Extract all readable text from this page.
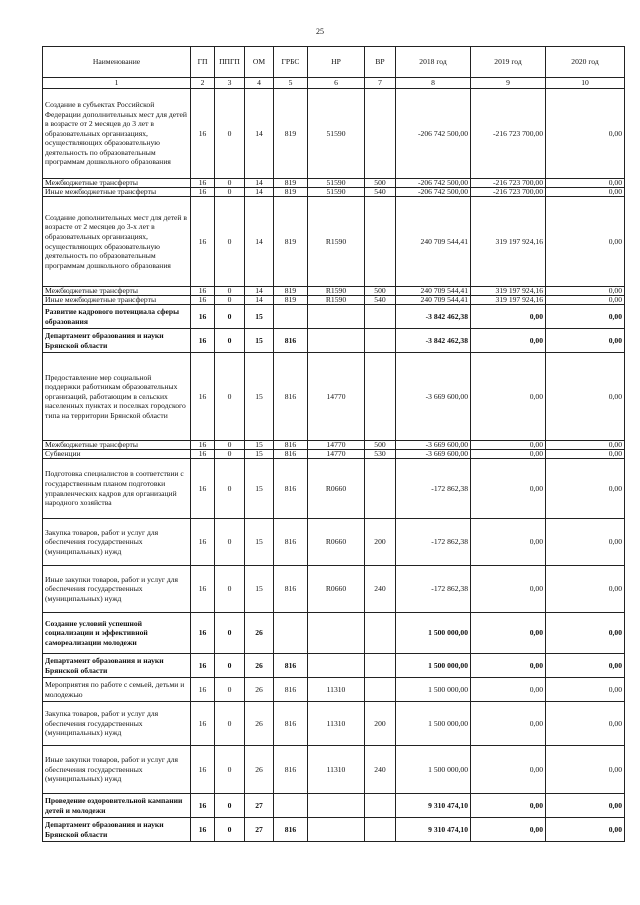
25
Наименование	ГП	ППГП	ОМ	ГРБС	НР	ВР	2018 год	2019 год	2020 год
1	2	3	4	5	6	7	8	9	10
Создание в субъектах Российской Федерации дополнительных мест для детей в возрасте от 2 месяцев до 3 лет в образовательных организациях, осуществляющих образовательную деятельность по образовательным программам дошкольного образования	16	0	14	819	51590		-206 742 500,00	-216 723 700,00	0,00
Межбюджетные трансферты	16	0	14	819	51590	500	-206 742 500,00	-216 723 700,00	0,00
Иные межбюджетные трансферты	16	0	14	819	51590	540	-206 742 500,00	-216 723 700,00	0,00
Создание дополнительных мест для детей в возрасте от 2 месяцев до 3-х лет в образовательных организациях, осуществляющих образовательную деятельность по образовательным программам дошкольного образования	16	0	14	819	R1590		240 709 544,41	319 197 924,16	0,00
Межбюджетные трансферты	16	0	14	819	R1590	500	240 709 544,41	319 197 924,16	0,00
Иные межбюджетные трансферты	16	0	14	819	R1590	540	240 709 544,41	319 197 924,16	0,00
Развитие кадрового потенциала сферы образования	16	0	15				-3 842 462,38	0,00	0,00
Департамент образования и науки Брянской области	16	0	15	816			-3 842 462,38	0,00	0,00
Предоставление мер социальной поддержки работникам образовательных организаций, работающим в сельских населенных пунктах и поселках городского типа на территории Брянской области	16	0	15	816	14770		-3 669 600,00	0,00	0,00
Межбюджетные трансферты	16	0	15	816	14770	500	-3 669 600,00	0,00	0,00
Субвенции	16	0	15	816	14770	530	-3 669 600,00	0,00	0,00
Подготовка специалистов в соответствии с государственным планом подготовки управленческих кадров для организаций народного хозяйства	16	0	15	816	R0660		-172 862,38	0,00	0,00
Закупка товаров, работ и услуг для обеспечения государственных (муниципальных) нужд	16	0	15	816	R0660	200	-172 862,38	0,00	0,00
Иные закупки товаров, работ и услуг для обеспечения государственных (муниципальных) нужд	16	0	15	816	R0660	240	-172 862,38	0,00	0,00
Создание условий успешной социализации и эффективной самореализации молодежи	16	0	26				1 500 000,00	0,00	0,00
Департамент образования и науки Брянской области	16	0	26	816			1 500 000,00	0,00	0,00
Мероприятия по работе с семьей, детьми и молодежью	16	0	26	816	11310		1 500 000,00	0,00	0,00
Закупка товаров, работ и услуг для обеспечения государственных (муниципальных) нужд	16	0	26	816	11310	200	1 500 000,00	0,00	0,00
Иные закупки товаров, работ и услуг для обеспечения государственных (муниципальных) нужд	16	0	26	816	11310	240	1 500 000,00	0,00	0,00
Проведение оздоровительной кампании детей и молодежи	16	0	27				9 310 474,10	0,00	0,00
Департамент образования и науки Брянской области	16	0	27	816			9 310 474,10	0,00	0,00
